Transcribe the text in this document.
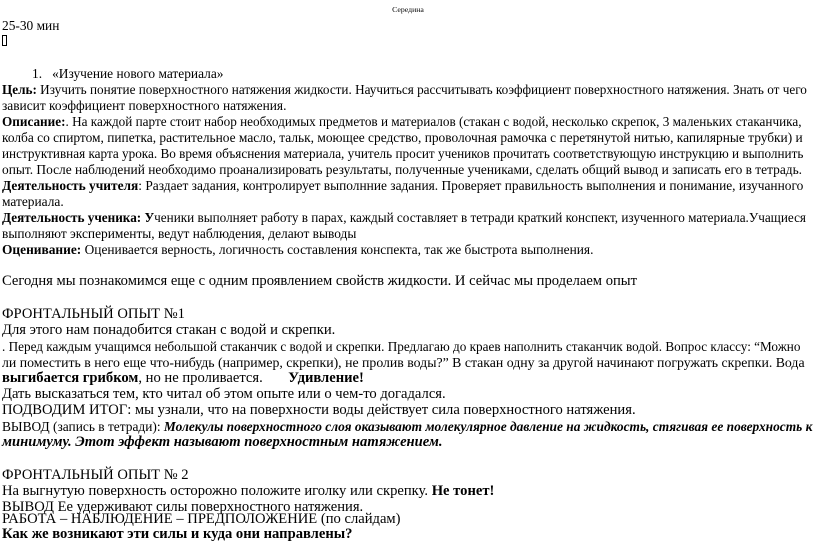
Середина
25-30 мин
1. «Изучение нового материала»
Цель: Изучить понятие поверхностного натяжения жидкости. Научиться рассчитывать коэффициент поверхностного натяжения. Знать от чего
зависит коэффициент поверхностного натяжения.
Описание:. На каждой парте стоит набор необходимых предметов и материалов (стакан с водой, несколько скрепок, 3 маленьких стаканчика,
колба со спиртом, пипетка, растительное масло, тальк, моющее средство, проволочная рамочка с перетянутой нитью, капилярные трубки) и
инструктивная карта урока. Во время объяснения материала, учитель просит учеников прочитать соответствующую инструкцию и выполнить
опыт. После наблюдений необходимо проанализировать результаты, полученные учениками, сделать общий вывод и записать его в тетрадь.
Деятельность учителя: Раздает задания, контролирует выполнние задания. Проверяет правильность выполнения и понимание, изучанного
материала.
Деятельность ученика: Ученики выполняет работу в парах, каждый составляет в тетради краткий конспект, изученного материала.Учащиеся
выполняют эксперименты, ведут наблюдения, делают выводы
Оценивание: Оценивается верность, логичность составления конспекта, так же быстрота выполнения.
Сегодня мы познакомимся еще с одним проявлением свойств жидкости. И сейчас мы проделаем опыт
ФРОНТАЛЬНЫЙ ОПЫТ №1
Для этого нам понадобится стакан с водой и скрепки.
. Перед каждым учащимся небольшой стаканчик с водой и скрепки. Предлагаю до краев наполнить стаканчик водой. Вопрос классу: “Можно
ли поместить в него еще что-нибудь (например, скрепки), не пролив воды?” В стакан одну за другой начинают погружать скрепки. Вода
выгибается грибком, но не проливается.       Удивление!
Дать высказаться тем, кто читал об этом опыте или о чем-то догадался.
ПОДВОДИМ ИТОГ: мы узнали, что на поверхности воды действует сила поверхностного натяжения.
ВЫВОД (запись в тетради): Молекулы поверхностного слоя оказывают молекулярное давление на жидкость, стягивая ее поверхность к
минимуму. Этот эффект называют поверхностным натяжением.
ФРОНТАЛЬНЫЙ ОПЫТ № 2
На выгнутую поверхность осторожно положите иголку или скрепку. Не тонет!
ВЫВОД Ее удерживают силы поверхностного натяжения.
РАБОТА – НАБЛЮДЕНИЕ – ПРЕДПОЛОЖЕНИЕ (по слайдам)
Как же возникают эти силы и куда они направлены?
